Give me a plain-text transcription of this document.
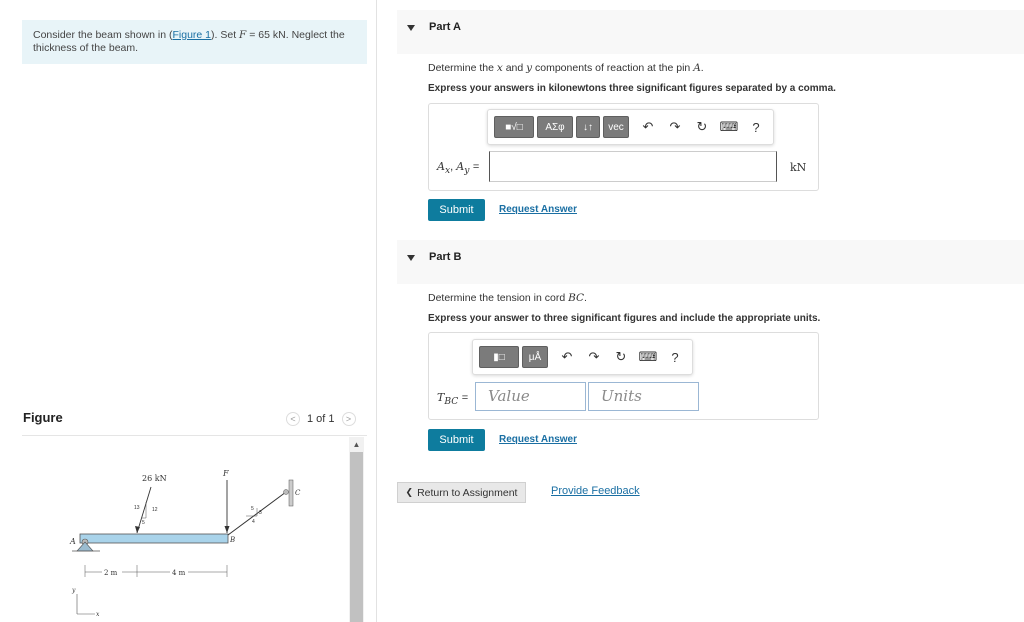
Consider the beam shown in (Figure 1). Set F = 65 kN. Neglect the thickness of the beam.
Figure	<	1 of 1	>
A
26 kN
13 12
5
F
B
5
3
4
C
2 m	4 m
y
x
▲
Part A
Determine the x and y components of reaction at the pin A.
Express your answers in kilonewtons three significant figures separated by a comma.
■√□	ΑΣφ	↓↑	vec	↶	↷	↻ ⌨	?
$A_x$, $A_y$ =	kN
Submit	Request Answer
Part B
Determine the tension in cord BC.
Express your answer to three significant figures and include the appropriate units.
▮□	μÅ	↶	↷	↻ ⌨	?
$T_{BC}$ =	Value	Units
Submit	Request Answer
❮ Return to Assignment	Provide Feedback
